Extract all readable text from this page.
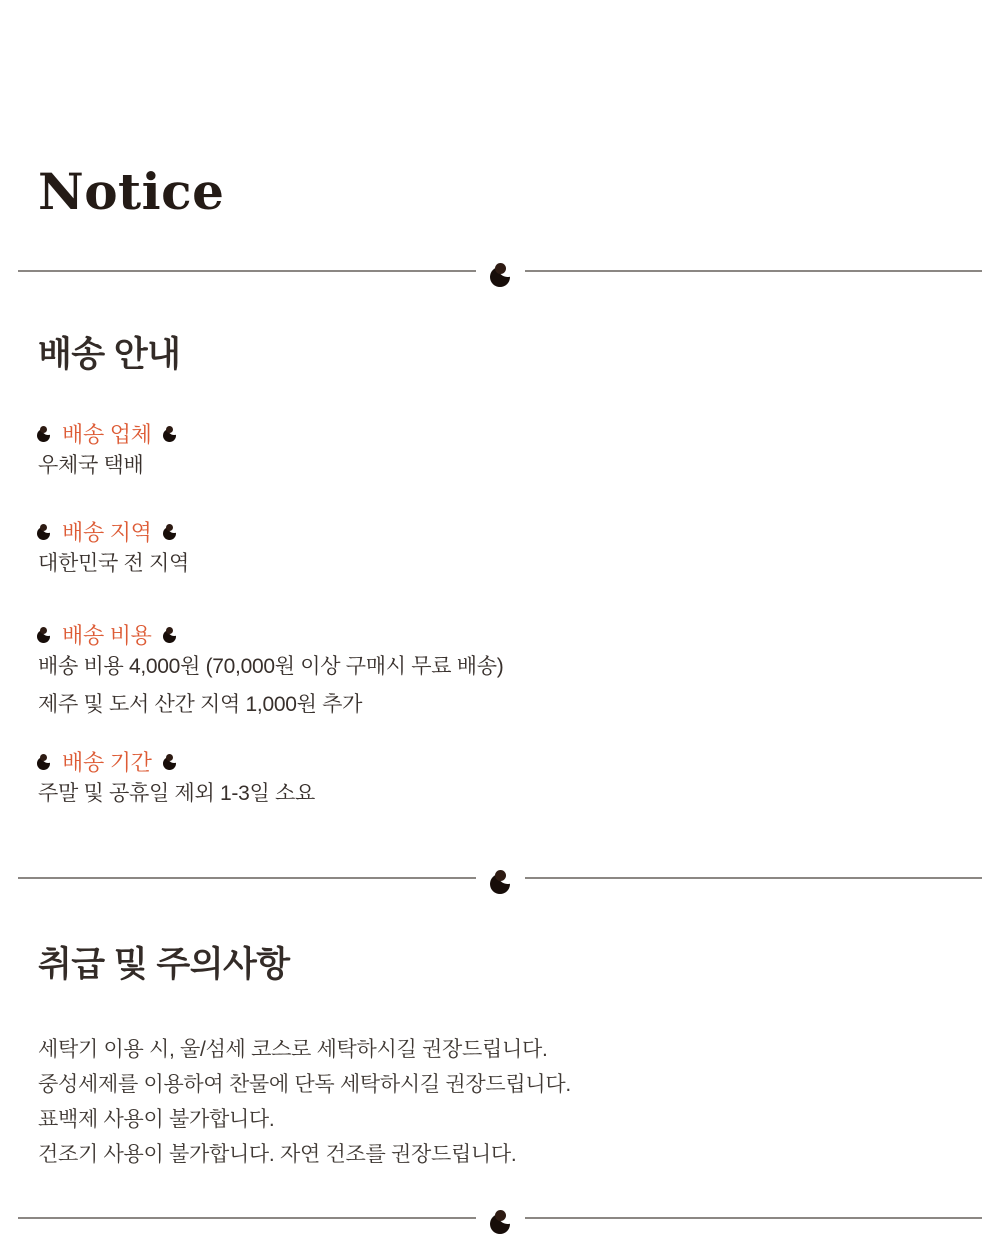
Notice
배송 안내
배송 업체

우체국 택배

배송 지역

대한민국 전 지역

배송 비용

배송 비용 4,000원 (70,000원 이상 구매시 무료 배송)

제주 및 도서 산간 지역 1,000원 추가

배송 기간

주말 및 공휴일 제외 1-3일 소요

취급 및 주의사항

세탁기 이용 시, 울/섬세 코스로 세탁하시길 권장드립니다.

중성세제를 이용하여 찬물에 단독 세탁하시길 권장드립니다.

표백제 사용이 불가합니다.

건조기 사용이 불가합니다. 자연 건조를 권장드립니다.
